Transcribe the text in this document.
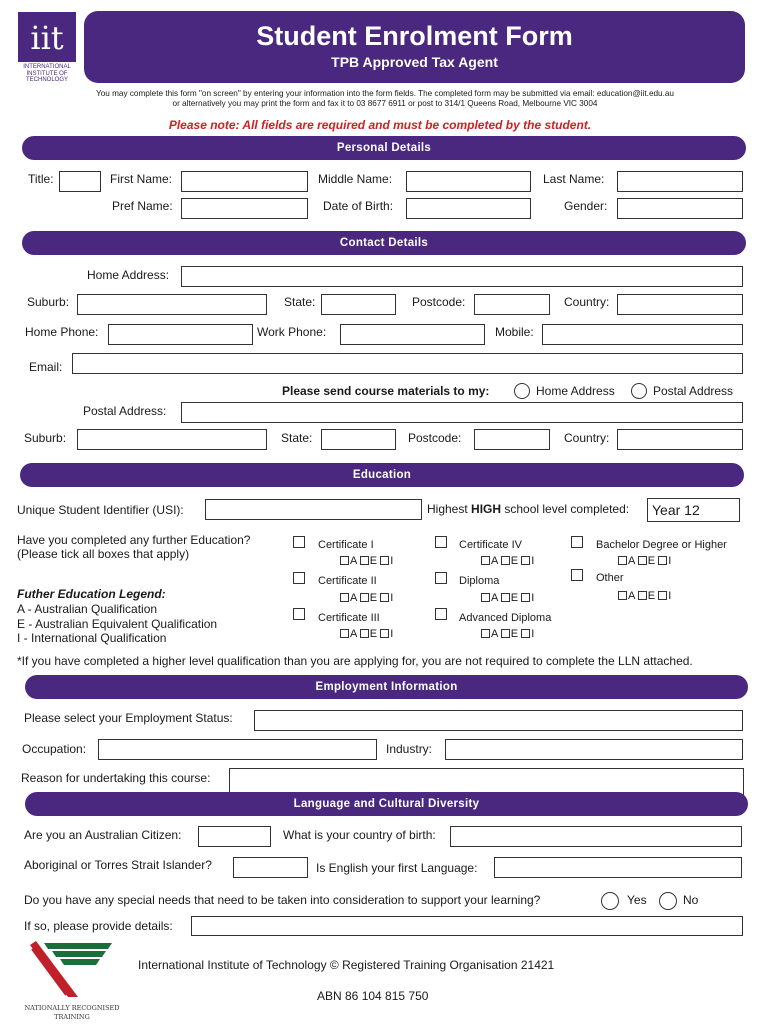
iit
INTERNATIONAL
INSTITUTE OF
TECHNOLOGY
Student Enrolment Form
TPB Approved Tax Agent
You may complete this form "on screen" by entering your information into the form fields. The completed form may be submitted via email: education@iit.edu.au
or alternatively you may print the form and fax it to 03 8677 6911 or post to 314/1 Queens Road, Melbourne VIC 3004
Please note: All fields are required and must be completed by the student.
Personal Details
Title:	First Name:	Middle Name:	Last Name:
Pref Name:	Date of Birth:	Gender:
Contact Details
Home Address:
Suburb:	State:	Postcode:	Country:
Home Phone:	Work Phone:	Mobile:
Email:
Please send course materials to my:	Home Address	Postal Address
Postal Address:
Suburb:	State:	Postcode:	Country:
Education
Unique Student Identifier (USI):	Highest HIGH school level completed:	Year 12
Have you completed any further Education?
(Please tick all boxes that apply)
Futher Education Legend:
A - Australian Qualification
E - Australian Equivalent Qualification
I - International Qualification
Certificate I
A E I
Certificate II
A E I
Certificate III
A E I
Certificate IV
A E I
Diploma
A E I
Advanced Diploma
A E I
Bachelor Degree or Higher
A E I
Other
A E I
*If you have completed a higher level qualification than you are applying for, you are not required to complete the LLN attached.
Employment Information
Please select your Employment Status:
Occupation:	Industry:
Reason for undertaking this course:
Language and Cultural Diversity
Are you an Australian Citizen:	What is your country of birth:
Aboriginal or Torres Strait Islander?	Is English your first Language:
Do you have any special needs that need to be taken into consideration to support your learning?	Yes	No
If so, please provide details:
NATIONALLY RECOGNISED
TRAINING
International Institute of Technology © Registered Training Organisation 21421
ABN 86 104 815 750
